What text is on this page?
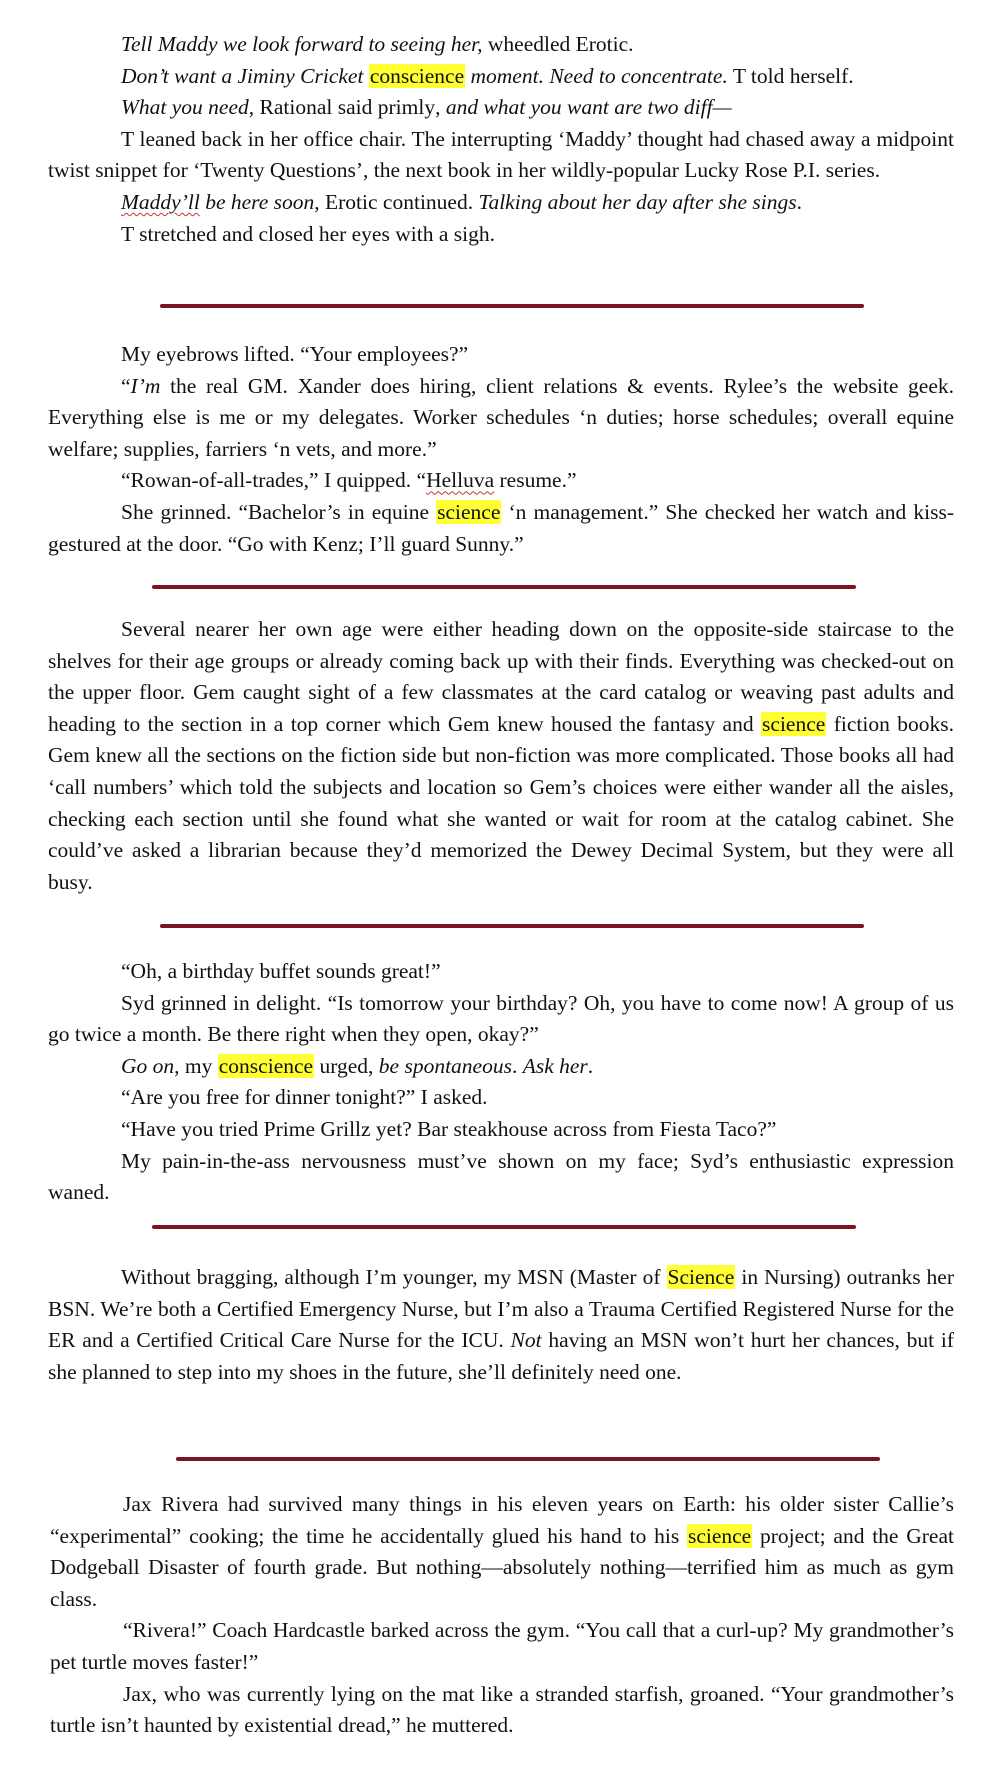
Tell Maddy we look forward to seeing her, wheedled Erotic.

Don’t want a Jiminy Cricket conscience moment. Need to concentrate. T told herself.

What you need, Rational said primly, and what you want are two diff—

T leaned back in her office chair. The interrupting ‘Maddy’ thought had chased away a midpoint twist snippet for ‘Twenty Questions’, the next book in her wildly-popular Lucky Rose P.I. series.

Maddy’ll be here soon, Erotic continued. Talking about her day after she sings.

T stretched and closed her eyes with a sigh.

My eyebrows lifted. “Your employees?”

“I’m the real GM. Xander does hiring, client relations & events. Rylee’s the website geek. Everything else is me or my delegates. Worker schedules ‘n duties; horse schedules; overall equine welfare; supplies, farriers ‘n vets, and more.”

“Rowan-of-all-trades,” I quipped. “Helluva resume.”

She grinned. “Bachelor’s in equine science ‘n management.” She checked her watch and kiss-gestured at the door. “Go with Kenz; I’ll guard Sunny.”

Several nearer her own age were either heading down on the opposite-side staircase to the shelves for their age groups or already coming back up with their finds. Everything was checked-out on the upper floor. Gem caught sight of a few classmates at the card catalog or weaving past adults and heading to the section in a top corner which Gem knew housed the fantasy and science fiction books. Gem knew all the sections on the fiction side but non-fiction was more complicated. Those books all had ‘call numbers’ which told the subjects and location so Gem’s choices were either wander all the aisles, checking each section until she found what she wanted or wait for room at the catalog cabinet. She could’ve asked a librarian because they’d memorized the Dewey Decimal System, but they were all busy.

“Oh, a birthday buffet sounds great!”

Syd grinned in delight. “Is tomorrow your birthday? Oh, you have to come now! A group of us go twice a month. Be there right when they open, okay?”

Go on, my conscience urged, be spontaneous. Ask her.

“Are you free for dinner tonight?” I asked.

“Have you tried Prime Grillz yet? Bar steakhouse across from Fiesta Taco?”

My pain-in-the-ass nervousness must’ve shown on my face; Syd’s enthusiastic expression waned.

Without bragging, although I’m younger, my MSN (Master of Science in Nursing) outranks her BSN. We’re both a Certified Emergency Nurse, but I’m also a Trauma Certified Registered Nurse for the ER and a Certified Critical Care Nurse for the ICU. Not having an MSN won’t hurt her chances, but if she planned to step into my shoes in the future, she’ll definitely need one.

Jax Rivera had survived many things in his eleven years on Earth: his older sister Callie’s “experimental” cooking; the time he accidentally glued his hand to his science project; and the Great Dodgeball Disaster of fourth grade. But nothing—absolutely nothing—terrified him as much as gym class.

“Rivera!” Coach Hardcastle barked across the gym. “You call that a curl-up? My grandmother’s pet turtle moves faster!”

Jax, who was currently lying on the mat like a stranded starfish, groaned. “Your grandmother’s turtle isn’t haunted by existential dread,” he muttered.
